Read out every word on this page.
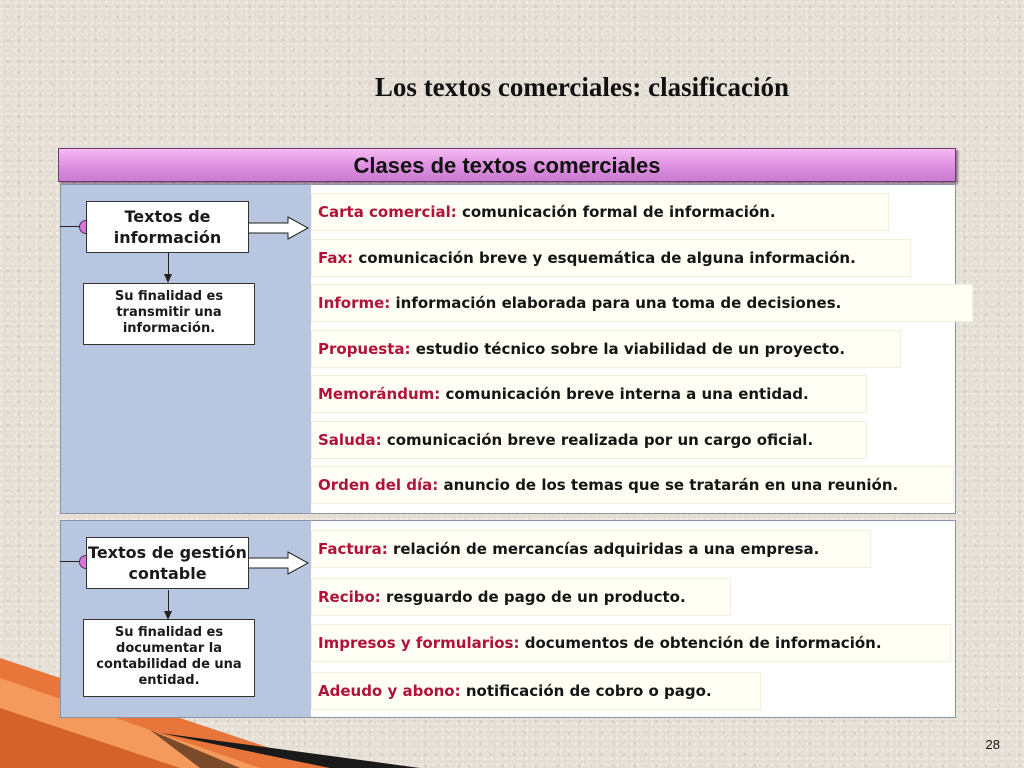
Los textos comerciales: clasificación
Clases de textos comerciales
Textos de información
Su finalidad es transmitir una información.
Textos de gestión contable
Su finalidad es documentar la contabilidad de una entidad.
Carta comercial: comunicación formal de información.
Fax: comunicación breve y esquemática de alguna información.
Informe: información elaborada para una toma de decisiones.
Propuesta: estudio técnico sobre la viabilidad de un proyecto.
Memorándum: comunicación breve interna a una entidad.
Saluda: comunicación breve realizada por un cargo oficial.
Orden del día: anuncio de los temas que se tratarán en una reunión.
Factura: relación de mercancías adquiridas a una empresa.
Recibo: resguardo de pago de un producto.
Impresos y formularios: documentos de obtención de información.
Adeudo y abono: notificación de cobro o pago.
28
